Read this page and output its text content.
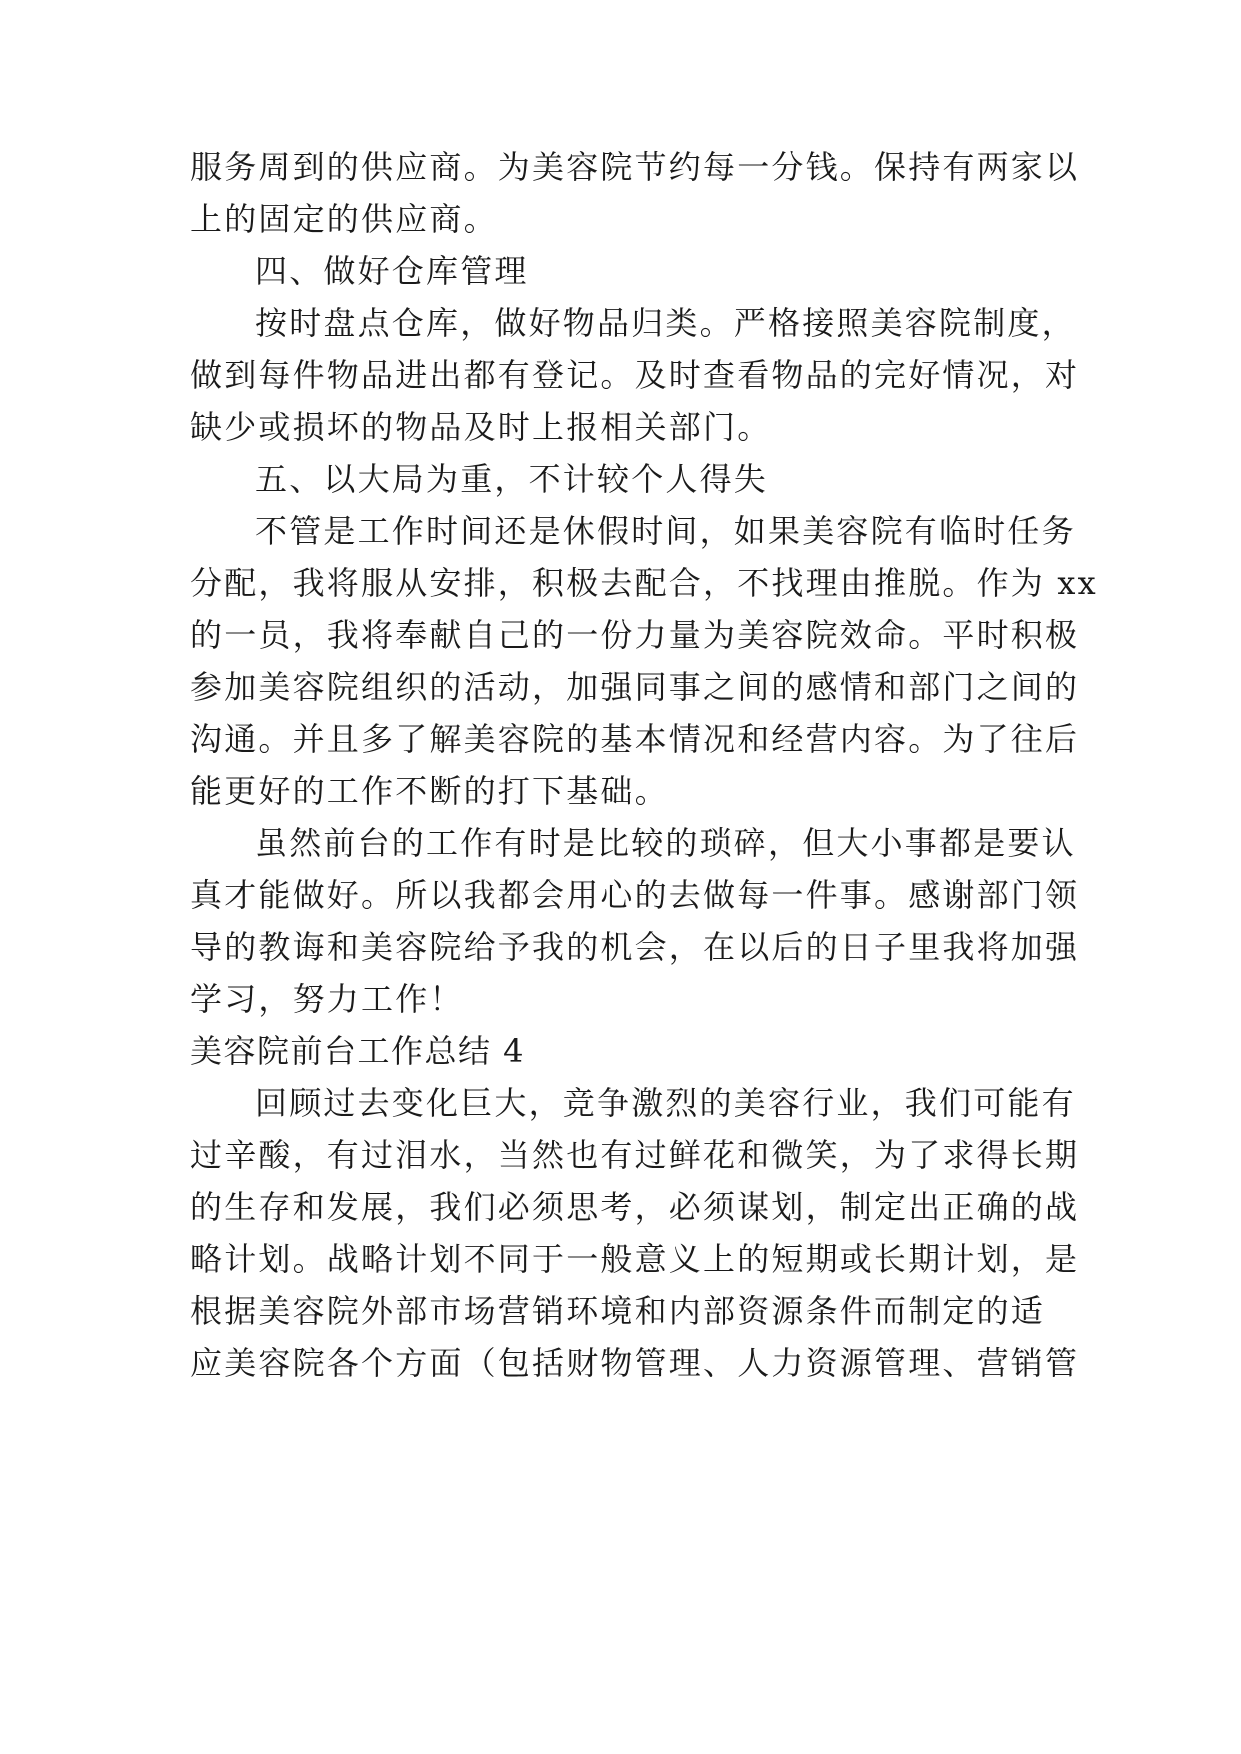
服务周到的供应商。为美容院节约每一分钱。保持有两家以
上的固定的供应商。
四、做好仓库管理
按时盘点仓库，做好物品归类。严格接照美容院制度，
做到每件物品进出都有登记。及时查看物品的完好情况，对
缺少或损坏的物品及时上报相关部门。
五、以大局为重，不计较个人得失
不管是工作时间还是休假时间，如果美容院有临时任务
分配，我将服从安排，积极去配合，不找理由推脱。作为 xx
的一员，我将奉献自己的一份力量为美容院效命。平时积极
参加美容院组织的活动，加强同事之间的感情和部门之间的
沟通。并且多了解美容院的基本情况和经营内容。为了往后
能更好的工作不断的打下基础。
虽然前台的工作有时是比较的琐碎，但大小事都是要认
真才能做好。所以我都会用心的去做每一件事。感谢部门领
导的教诲和美容院给予我的机会，在以后的日子里我将加强
学习，努力工作！
美容院前台工作总结 4
回顾过去变化巨大，竞争激烈的美容行业，我们可能有
过辛酸，有过泪水，当然也有过鲜花和微笑，为了求得长期
的生存和发展，我们必须思考，必须谋划，制定出正确的战
略计划。战略计划不同于一般意义上的短期或长期计划，是
根据美容院外部市场营销环境和内部资源条件而制定的适
应美容院各个方面（包括财物管理、人力资源管理、营销管
